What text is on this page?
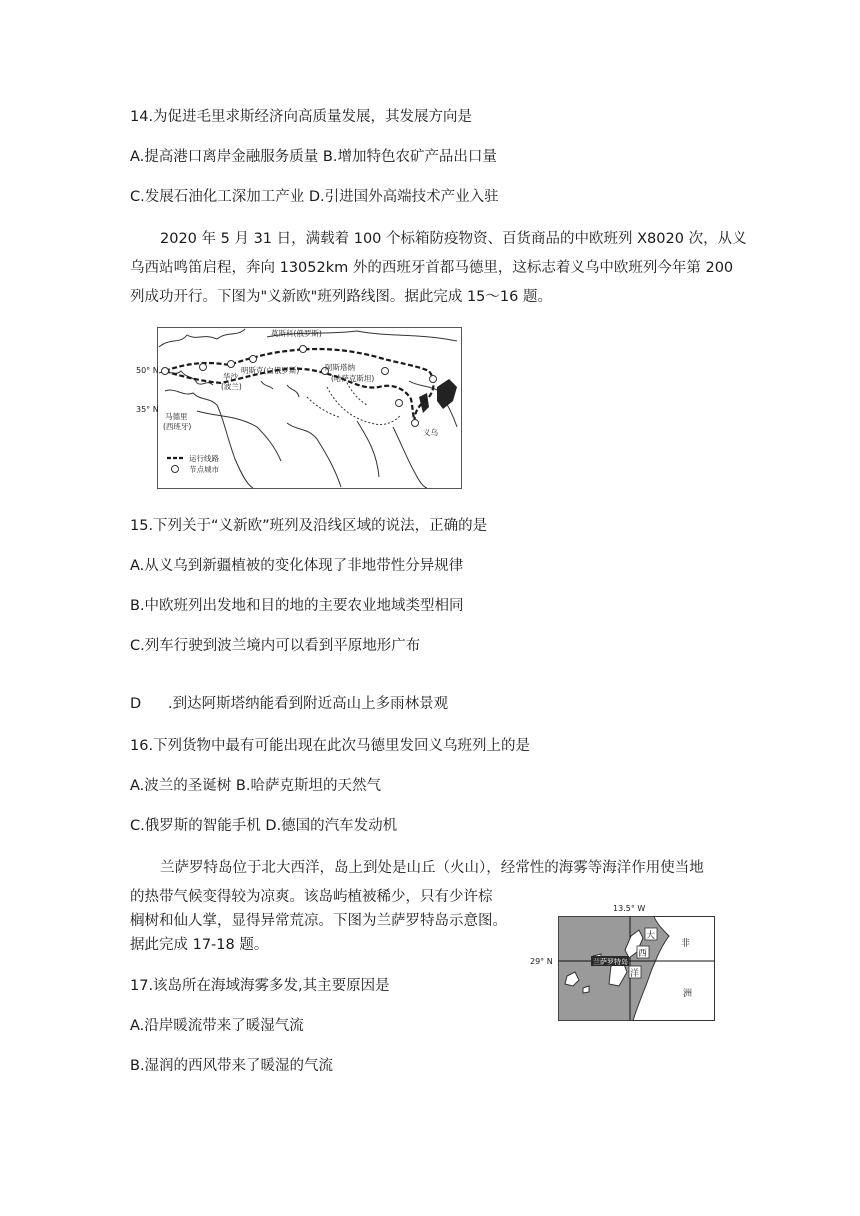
14.为促进毛里求斯经济向高质量发展，其发展方向是
A.提高港口离岸金融服务质量 B.增加特色农矿产品出口量
C.发展石油化工深加工产业 D.引进国外高端技术产业入驻
2020 年 5 月 31 日，满载着 100 个标箱防疫物资、百货商品的中欧班列 X8020 次，从义
乌西站鸣笛启程，奔向 13052km 外的西班牙首都马德里，这标志着义乌中欧班列今年第 200
列成功开行。下图为"义新欧"班列路线图。据此完成 15～16 题。
莫斯科(俄罗斯)
华沙
(波兰)
明斯克(白俄罗斯)	阿斯塔纳
(哈萨克斯坦)
马德里
(西班牙)
义乌
运行线路
节点城市
50° N
35° N
15.下列关于“义新欧”班列及沿线区域的说法，正确的是
A.从义乌到新疆植被的变化体现了非地带性分异规律
B.中欧班列出发地和目的地的主要农业地域类型相同
C.列车行驶到波兰境内可以看到平原地形广布
D .到达阿斯塔纳能看到附近高山上多雨林景观
16.下列货物中最有可能出现在此次马德里发回义乌班列上的是
A.波兰的圣诞树 B.哈萨克斯坦的天然气
C.俄罗斯的智能手机 D.德国的汽车发动机
兰萨罗特岛位于北大西洋，岛上到处是山丘（火山），经常性的海雾等海洋作用使当地
的热带气候变得较为凉爽。该岛屿植被稀少，只有少许棕
榈树和仙人掌，显得异常荒凉。下图为兰萨罗特岛示意图。
据此完成 17-18 题。
兰萨罗特岛
大
西
洋
非
洲
13.5° W
29° N
17.该岛所在海域海雾多发,其主要原因是
A.沿岸暖流带来了暖湿气流
B.湿润的西风带来了暖湿的气流
